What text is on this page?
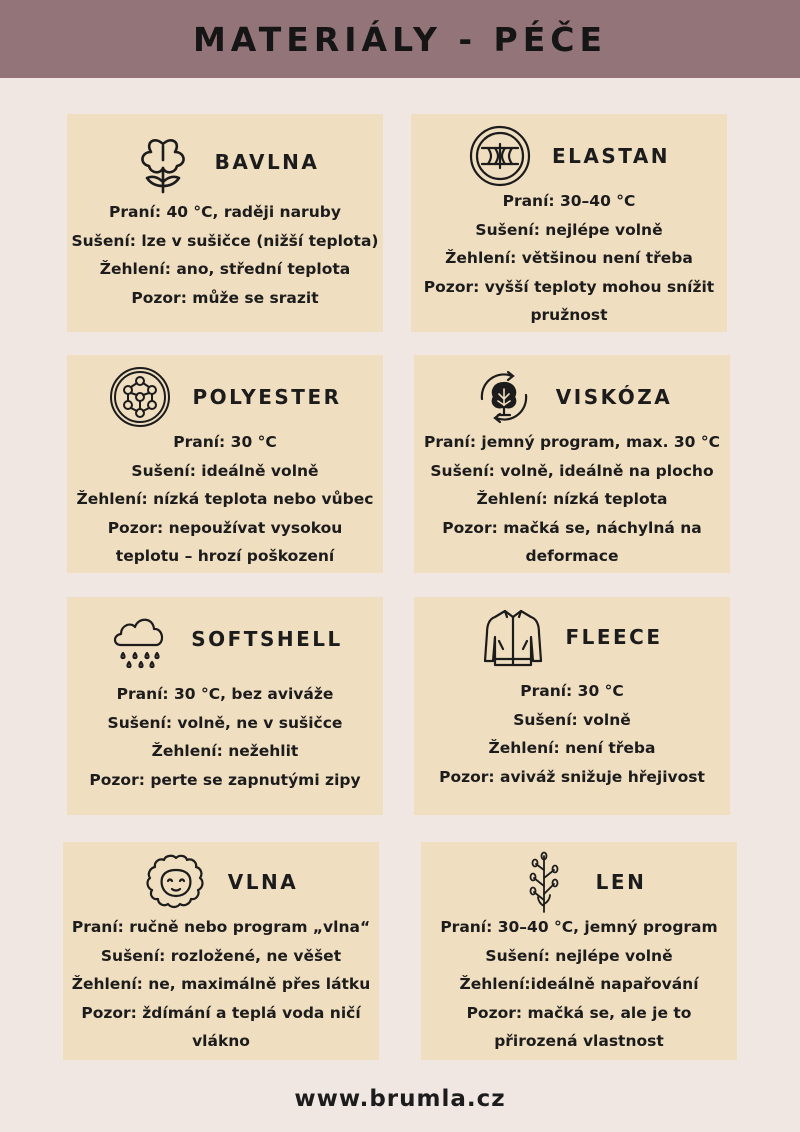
MATERIÁLY - PÉČE
BAVLNA
Praní: 40 °C, raději naruby
Sušení: lze v sušičce (nižší teplota)
Žehlení: ano, střední teplota
Pozor: může se srazit
ELASTAN
Praní: 30–40 °C
Sušení: nejlépe volně
Žehlení: většinou není třeba
Pozor: vyšší teploty mohou snížit
pružnost
POLYESTER
Praní: 30 °C
Sušení: ideálně volně
Žehlení: nízká teplota nebo vůbec
Pozor: nepoužívat vysokou
teplotu – hrozí poškození
VISKÓZA
Praní: jemný program, max. 30 °C
Sušení: volně, ideálně na plocho
Žehlení: nízká teplota
Pozor: mačká se, náchylná na
deformace
SOFTSHELL
Praní: 30 °C, bez aviváže
Sušení: volně, ne v sušičce
Žehlení: nežehlit
Pozor: perte se zapnutými zipy
FLEECE
Praní: 30 °C
Sušení: volně
Žehlení: není třeba
Pozor: aviváž snižuje hřejivost
VLNA
Praní: ručně nebo program „vlna“
Sušení: rozložené, ne věšet
Žehlení: ne, maximálně přes látku
Pozor: ždímání a teplá voda ničí
vlákno
LEN
Praní: 30–40 °C, jemný program
Sušení: nejlépe volně
Žehlení:ideálně napařování
Pozor: mačká se, ale je to
přirozená vlastnost
www.brumla.cz
